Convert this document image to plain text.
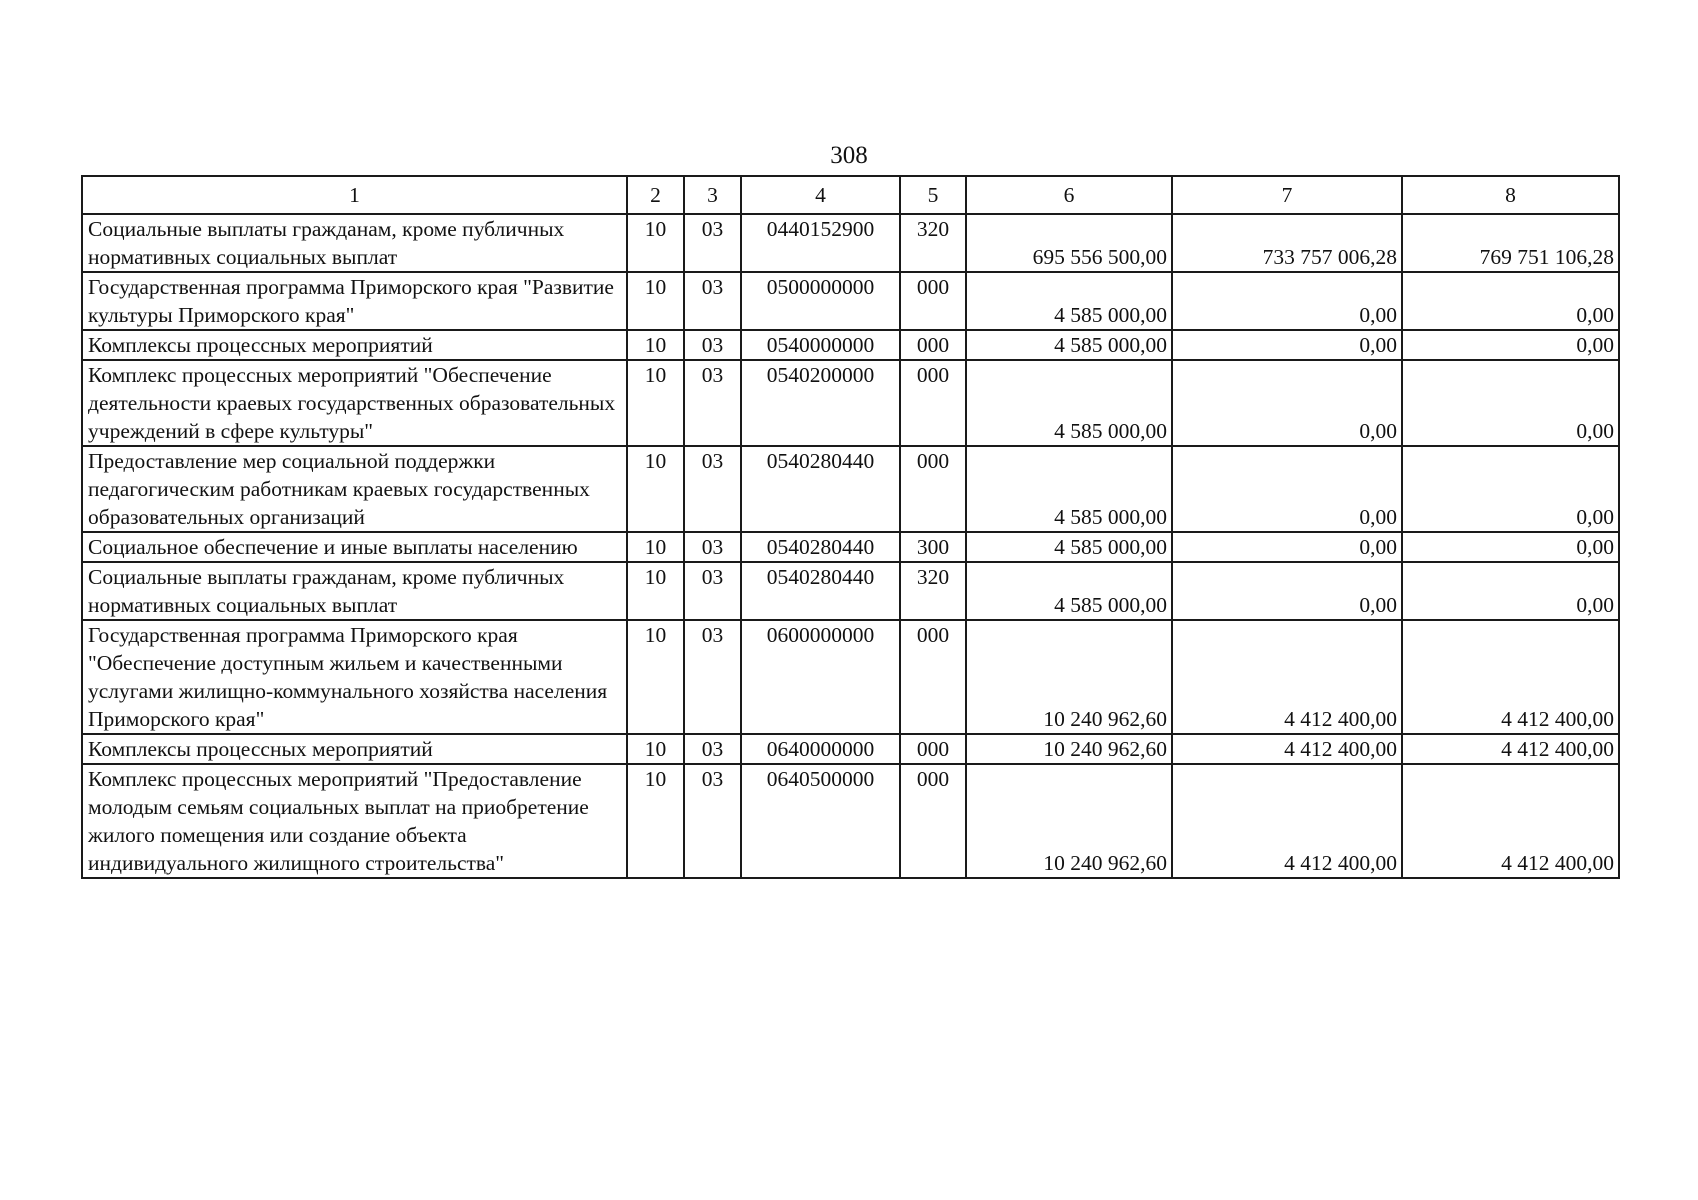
308
1	2	3	4	5	6	7	8
Социальные выплаты гражданам, кроме публичных нормативных социальных выплат	10	03	0440152900	320	695 556 500,00	733 757 006,28	769 751 106,28
Государственная программа Приморского края "Развитие культуры Приморского края"	10	03	0500000000	000	4 585 000,00	0,00	0,00
Комплексы процессных мероприятий	10	03	0540000000	000	4 585 000,00	0,00	0,00
Комплекс процессных мероприятий "Обеспечение деятельности краевых государственных образовательных учреждений в сфере культуры"	10	03	0540200000	000	4 585 000,00	0,00	0,00
Предоставление мер социальной поддержки педагогическим работникам краевых государственных образовательных организаций	10	03	0540280440	000	4 585 000,00	0,00	0,00
Социальное обеспечение и иные выплаты населению	10	03	0540280440	300	4 585 000,00	0,00	0,00
Социальные выплаты гражданам, кроме публичных нормативных социальных выплат	10	03	0540280440	320	4 585 000,00	0,00	0,00
Государственная программа Приморского края "Обеспечение доступным жильем и качественными услугами жилищно-коммунального хозяйства населения Приморского края"	10	03	0600000000	000	10 240 962,60	4 412 400,00	4 412 400,00
Комплексы процессных мероприятий	10	03	0640000000	000	10 240 962,60	4 412 400,00	4 412 400,00
Комплекс процессных мероприятий "Предоставление молодым семьям социальных выплат на приобретение жилого помещения или создание объекта индивидуального жилищного строительства"	10	03	0640500000	000	10 240 962,60	4 412 400,00	4 412 400,00
